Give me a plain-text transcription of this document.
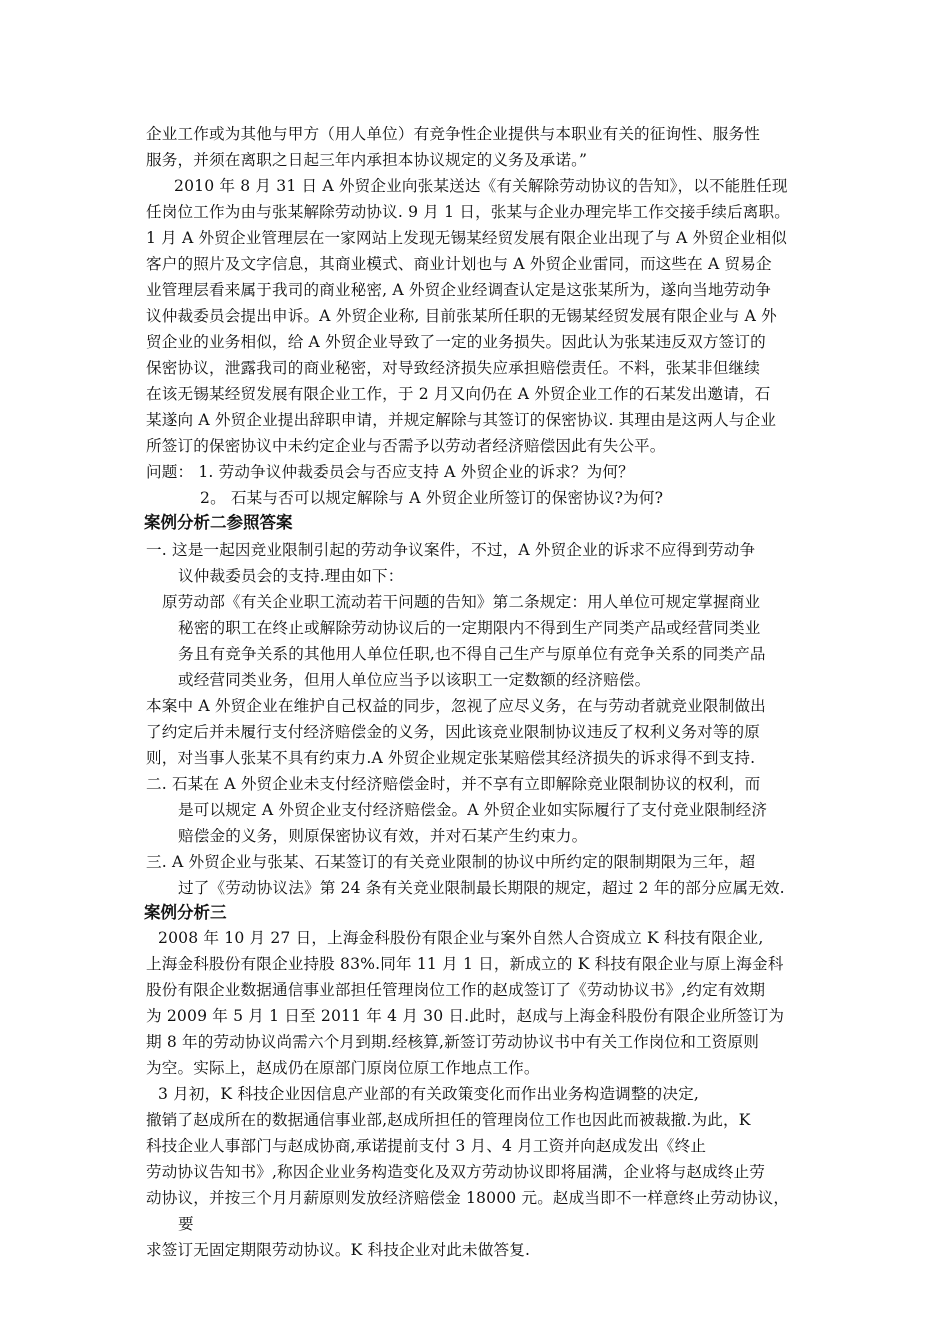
企业工作或为其他与甲方（用人单位）有竞争性企业提供与本职业有关的征询性、服务性
服务，并须在离职之日起三年内承担本协议规定的义务及承诺。”
2010 年 8 月 31 日 A 外贸企业向张某送达《有关解除劳动协议的告知》，以不能胜任现
任岗位工作为由与张某解除劳动协议. 9 月 1 日，张某与企业办理完毕工作交接手续后离职。
1 月 A 外贸企业管理层在一家网站上发现无锡某经贸发展有限企业出现了与 A 外贸企业相似
客户的照片及文字信息，其商业模式、商业计划也与 A 外贸企业雷同，而这些在 A 贸易企
业管理层看来属于我司的商业秘密, A 外贸企业经调查认定是这张某所为，遂向当地劳动争
议仲裁委员会提出申诉。A 外贸企业称, 目前张某所任职的无锡某经贸发展有限企业与 A 外
贸企业的业务相似，给 A 外贸企业导致了一定的业务损失。因此认为张某违反双方签订的
保密协议，泄露我司的商业秘密，对导致经济损失应承担赔偿责任。不料，张某非但继续
在该无锡某经贸发展有限企业工作，于 2 月又向仍在 A 外贸企业工作的石某发出邀请，石
某遂向 A 外贸企业提出辞职申请，并规定解除与其签订的保密协议. 其理由是这两人与企业
所签订的保密协议中未约定企业与否需予以劳动者经济赔偿因此有失公平。
问题： 1. 劳动争议仲裁委员会与否应支持 A 外贸企业的诉求？为何？
2。 石某与否可以规定解除与 A 外贸企业所签订的保密协议?为何?
案例分析二参照答案
一. 这是一起因竞业限制引起的劳动争议案件，不过，A 外贸企业的诉求不应得到劳动争
议仲裁委员会的支持.理由如下：
原劳动部《有关企业职工流动若干问题的告知》第二条规定：用人单位可规定掌握商业
秘密的职工在终止或解除劳动协议后的一定期限内不得到生产同类产品或经营同类业
务且有竞争关系的其他用人单位任职,也不得自己生产与原单位有竞争关系的同类产品
或经营同类业务，但用人单位应当予以该职工一定数额的经济赔偿。
本案中 A 外贸企业在维护自己权益的同步，忽视了应尽义务，在与劳动者就竞业限制做出
了约定后并未履行支付经济赔偿金的义务，因此该竞业限制协议违反了权利义务对等的原
则，对当事人张某不具有约束力.A 外贸企业规定张某赔偿其经济损失的诉求得不到支持.
二. 石某在 A 外贸企业未支付经济赔偿金时，并不享有立即解除竞业限制协议的权利，而
是可以规定 A 外贸企业支付经济赔偿金。A 外贸企业如实际履行了支付竞业限制经济
赔偿金的义务，则原保密协议有效，并对石某产生约束力。
三. A 外贸企业与张某、石某签订的有关竞业限制的协议中所约定的限制期限为三年，超
过了《劳动协议法》第 24 条有关竞业限制最长期限的规定，超过 2 年的部分应属无效.
案例分析三
2008 年 10 月 27 日，上海金科股份有限企业与案外自然人合资成立 K 科技有限企业,
上海金科股份有限企业持股 83%.同年 11 月 1 日，新成立的 K 科技有限企业与原上海金科
股份有限企业数据通信事业部担任管理岗位工作的赵成签订了《劳动协议书》,约定有效期
为 2009 年 5 月 1 日至 2011 年 4 月 30 日.此时，赵成与上海金科股份有限企业所签订为
期 8 年的劳动协议尚需六个月到期.经核算,新签订劳动协议书中有关工作岗位和工资原则
为空。实际上，赵成仍在原部门原岗位原工作地点工作。
3 月初，K 科技企业因信息产业部的有关政策变化而作出业务构造调整的决定,
撤销了赵成所在的数据通信事业部,赵成所担任的管理岗位工作也因此而被裁撤.为此，K
科技企业人事部门与赵成协商,承诺提前支付 3 月、4 月工资并向赵成发出《终止
劳动协议告知书》,称因企业业务构造变化及双方劳动协议即将届满，企业将与赵成终止劳
动协议，并按三个月月薪原则发放经济赔偿金 18000 元。赵成当即不一样意终止劳动协议，
要
求签订无固定期限劳动协议。K 科技企业对此未做答复.
